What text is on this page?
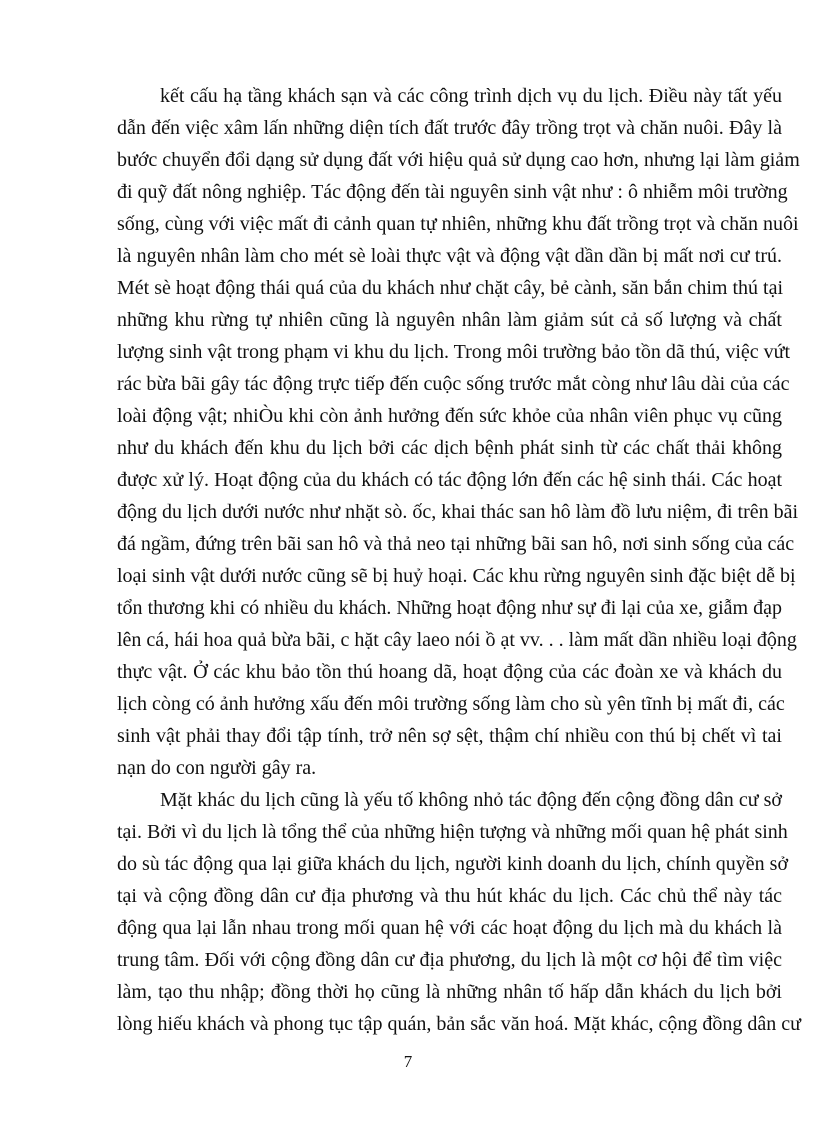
kết cấu hạ tầng khách sạn và các công trình dịch vụ du lịch. Điều này tất yếu
dẫn đến việc xâm lấn những diện tích đất trước đây trồng trọt và chăn nuôi. Đây là
bước chuyển đổi dạng sử dụng đất với hiệu quả sử dụng cao hơn, nhưng lại làm giảm
đi quỹ đất nông nghiệp. Tác động đến tài nguyên sinh vật như : ô nhiễm môi trường
sống, cùng với việc mất đi cảnh quan tự nhiên, những khu đất trồng trọt và chăn nuôi
là nguyên nhân làm cho mét sè loài thực vật và động vật dần dần bị mất nơi cư trú.
Mét sè hoạt động thái quá của du khách như chặt cây, bẻ cành, săn bắn chim thú tại
những khu rừng tự nhiên cũng là nguyên nhân làm giảm sút cả số lượng và chất
lượng sinh vật trong phạm vi khu du lịch. Trong môi trường bảo tồn dã thú, việc vứt
rác bừa bãi gây tác động trực tiếp đến cuộc sống trước mắt còng như lâu dài của các
loài động vật; nhiÒu khi còn ảnh hưởng đến sức khỏe của nhân viên phục vụ cũng
như du khách đến khu du lịch bởi các dịch bệnh phát sinh từ các chất thải không
được xử lý. Hoạt động của du khách có tác động lớn đến các hệ sinh thái. Các hoạt
động du lịch dưới nước như nhặt sò. ốc, khai thác san hô làm đồ lưu niệm, đi trên bãi
đá ngầm, đứng trên bãi san hô và thả neo tại những bãi san hô, nơi sinh sống của các
loại sinh vật dưới nước cũng sẽ bị huỷ hoại. Các khu rừng nguyên sinh đặc biệt dễ bị
tổn thương khi có nhiều du khách. Những hoạt động như sự đi lại của xe, giẫm đạp
lên cá, hái hoa quả bừa bãi, c hặt cây laeo nói ồ ạt vv. . . làm mất dần nhiều loại động
thực vật. Ở các khu bảo tồn thú hoang dã, hoạt động của các đoàn xe và khách du
lịch còng có ảnh hưởng xấu đến môi trường sống làm cho sù yên tĩnh bị mất đi, các
sinh vật phải thay đổi tập tính, trở nên sợ sệt, thậm chí nhiều con thú bị chết vì tai
nạn do con người gây ra.
Mặt khác du lịch cũng là yếu tố không nhỏ tác động đến cộng đồng dân cư sở
tại. Bởi vì du lịch là tổng thể của những hiện tượng và những mối quan hệ phát sinh
do sù tác động qua lại giữa khách du lịch, người kinh doanh du lịch, chính quyền sở
tại và cộng đồng dân cư địa phương và thu hút khác du lịch. Các chủ thể này tác
động qua lại lẫn nhau trong mối quan hệ với các hoạt động du lịch mà du khách là
trung tâm. Đối với cộng đồng dân cư địa phương, du lịch là một cơ hội để tìm việc
làm, tạo thu nhập; đồng thời họ cũng là những nhân tố hấp dẫn khách du lịch bởi
lòng hiếu khách và phong tục tập quán, bản sắc văn hoá. Mặt khác, cộng đồng dân cư
7
